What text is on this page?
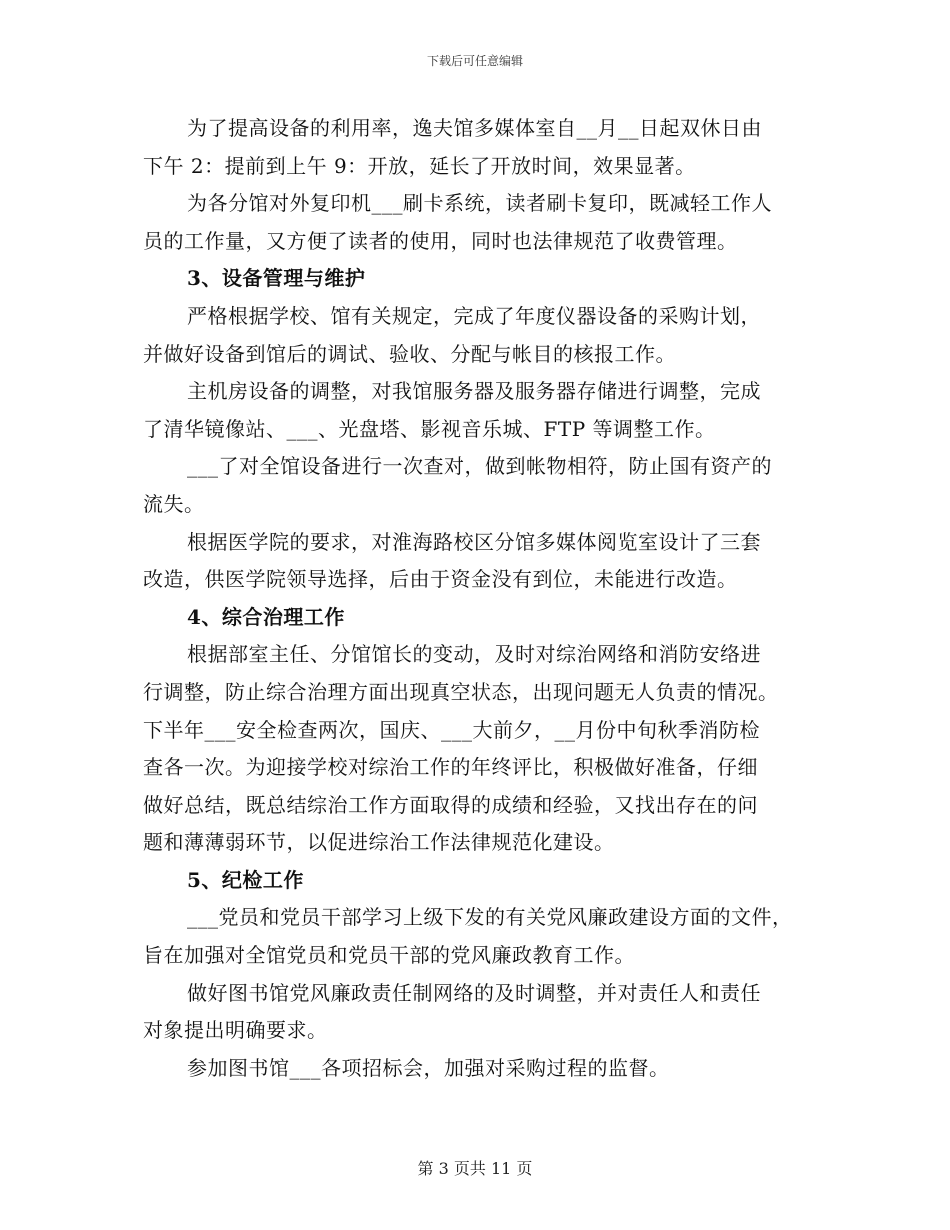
下载后可任意编辑
为了提高设备的利用率，逸夫馆多媒体室自__月__日起双休日由
下午 2：提前到上午 9：开放，延长了开放时间，效果显著。
为各分馆对外复印机___刷卡系统，读者刷卡复印，既减轻工作人
员的工作量，又方便了读者的使用，同时也法律规范了收费管理。
3、设备管理与维护
严格根据学校、馆有关规定，完成了年度仪器设备的采购计划，
并做好设备到馆后的调试、验收、分配与帐目的核报工作。
主机房设备的调整，对我馆服务器及服务器存储进行调整，完成
了清华镜像站、___、光盘塔、影视音乐城、FTP 等调整工作。
___了对全馆设备进行一次查对，做到帐物相符，防止国有资产的
流失。
根据医学院的要求，对淮海路校区分馆多媒体阅览室设计了三套
改造，供医学院领导选择，后由于资金没有到位，未能进行改造。
4、综合治理工作
根据部室主任、分馆馆长的变动，及时对综治网络和消防安络进
行调整，防止综合治理方面出现真空状态，出现问题无人负责的情况。
下半年___安全检查两次，国庆、___大前夕，__月份中旬秋季消防检
查各一次。为迎接学校对综治工作的年终评比，积极做好准备，仔细
做好总结，既总结综治工作方面取得的成绩和经验，又找出存在的问
题和薄薄弱环节，以促进综治工作法律规范化建设。
5、纪检工作
___党员和党员干部学习上级下发的有关党风廉政建设方面的文件，
旨在加强对全馆党员和党员干部的党风廉政教育工作。
做好图书馆党风廉政责任制网络的及时调整，并对责任人和责任
对象提出明确要求。
参加图书馆___各项招标会，加强对采购过程的监督。
第 3 页共 11 页
